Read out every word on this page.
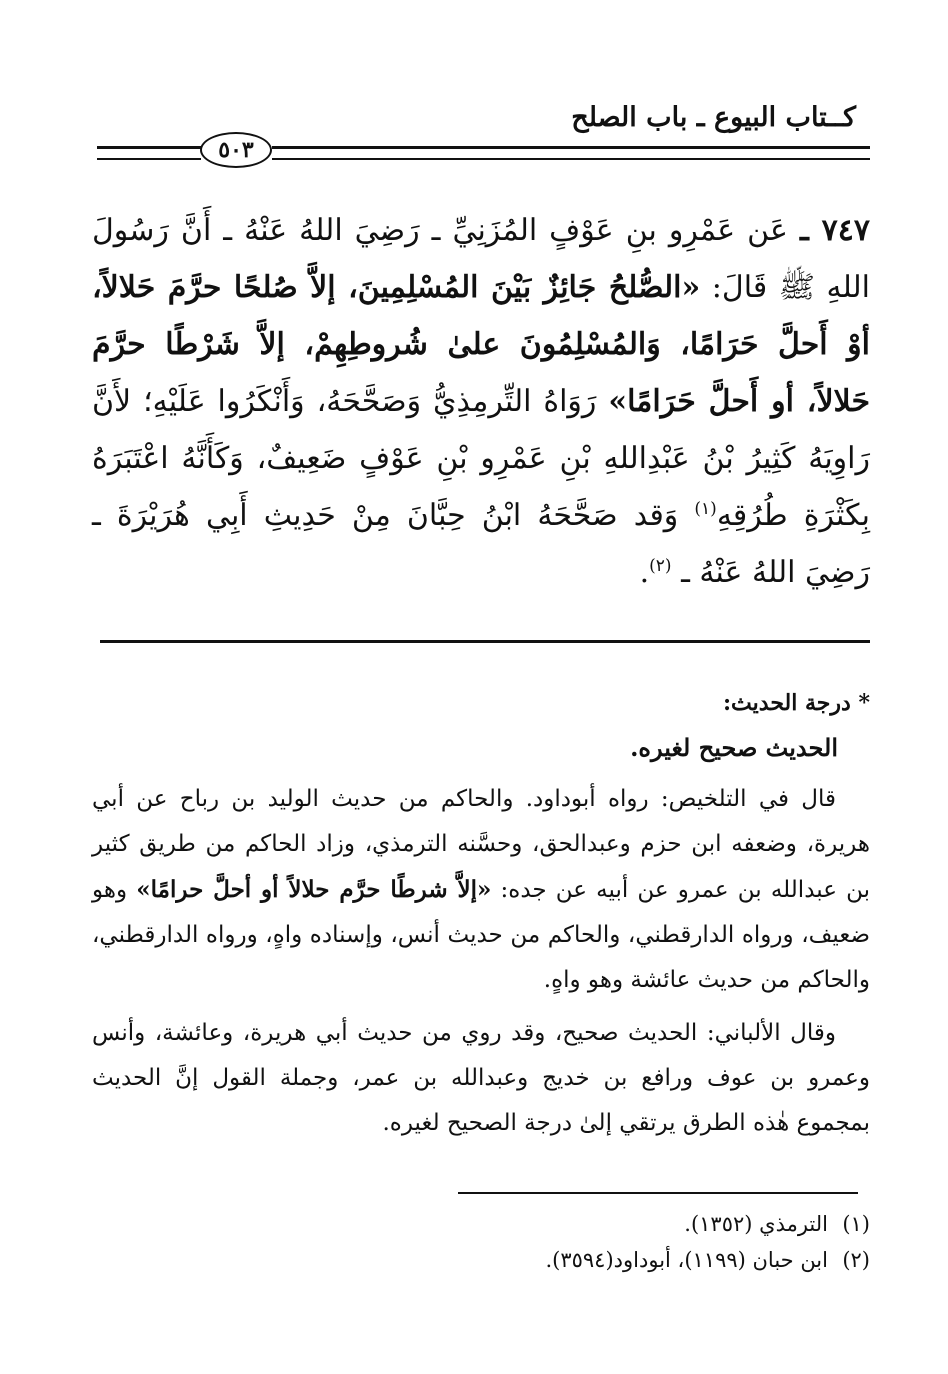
كــتاب البيوع ـ باب الصلح
٥٠٣
٧٤٧ ـ عَن عَمْرِو بنِ عَوْفٍ المُزَنِيِّ ـ رَضِيَ اللهُ عَنْهُ ـ أَنَّ رَسُولَ اللهِ ﷺ قَالَ: «الصُّلحُ جَائِزٌ بَيْنَ المُسْلِمِينَ، إلاَّ صُلحًا حرَّمَ حَلالاً، أوْ أَحلَّ حَرَامًا، وَالمُسْلِمُونَ علىٰ شُروطِهِمْ، إلاَّ شَرْطًا حرَّمَ حَلالاً، أو أَحلَّ حَرَامًا» رَوَاهُ التِّرمِذِيُّ وَصَحَّحَهُ، وَأَنْكَرُوا عَلَيْهِ؛ لأَنَّ رَاوِيَهُ كَثِيرُ بْنُ عَبْدِاللهِ بْنِ عَمْرِو بْنِ عَوْفٍ ضَعِيفٌ، وَكَأَنَّهُ اعْتَبَرَهُ بِكَثْرَةِ طُرُقِهِ$^{(١)}$ وَقد صَحَّحَهُ ابْنُ حِبَّانَ مِنْ حَدِيثِ أَبِي هُرَيْرَةَ ـ رَضِيَ اللهُ عَنْهُ ـ $^{(٢)}$.
* درجة الحديث:
الحديث صحيح لغيره.
قال في التلخيص: رواه أبوداود. والحاكم من حديث الوليد بن رباح عن أبي هريرة، وضعفه ابن حزم وعبدالحق، وحسَّنه الترمذي، وزاد الحاكم من طريق كثير بن عبدالله بن عمرو عن أبيه عن جده: «إلاَّ شرطًا حرَّم حلالاً أو أحلَّ حرامًا» وهو ضعيف، ورواه الدارقطني، والحاكم من حديث أنس، وإسناده واهٍ، ورواه الدارقطني، والحاكم من حديث عائشة وهو واهٍ.
وقال الألباني: الحديث صحيح، وقد روي من حديث أبي هريرة، وعائشة، وأنس وعمرو بن عوف ورافع بن خديج وعبدالله بن عمر، وجملة القول إنَّ الحديث بمجموع هٰذه الطرق يرتقي إلىٰ درجة الصحيح لغيره.
(١)الترمذي (١٣٥٢).
(٢)ابن حبان (١١٩٩)، أبوداود(٣٥٩٤).
